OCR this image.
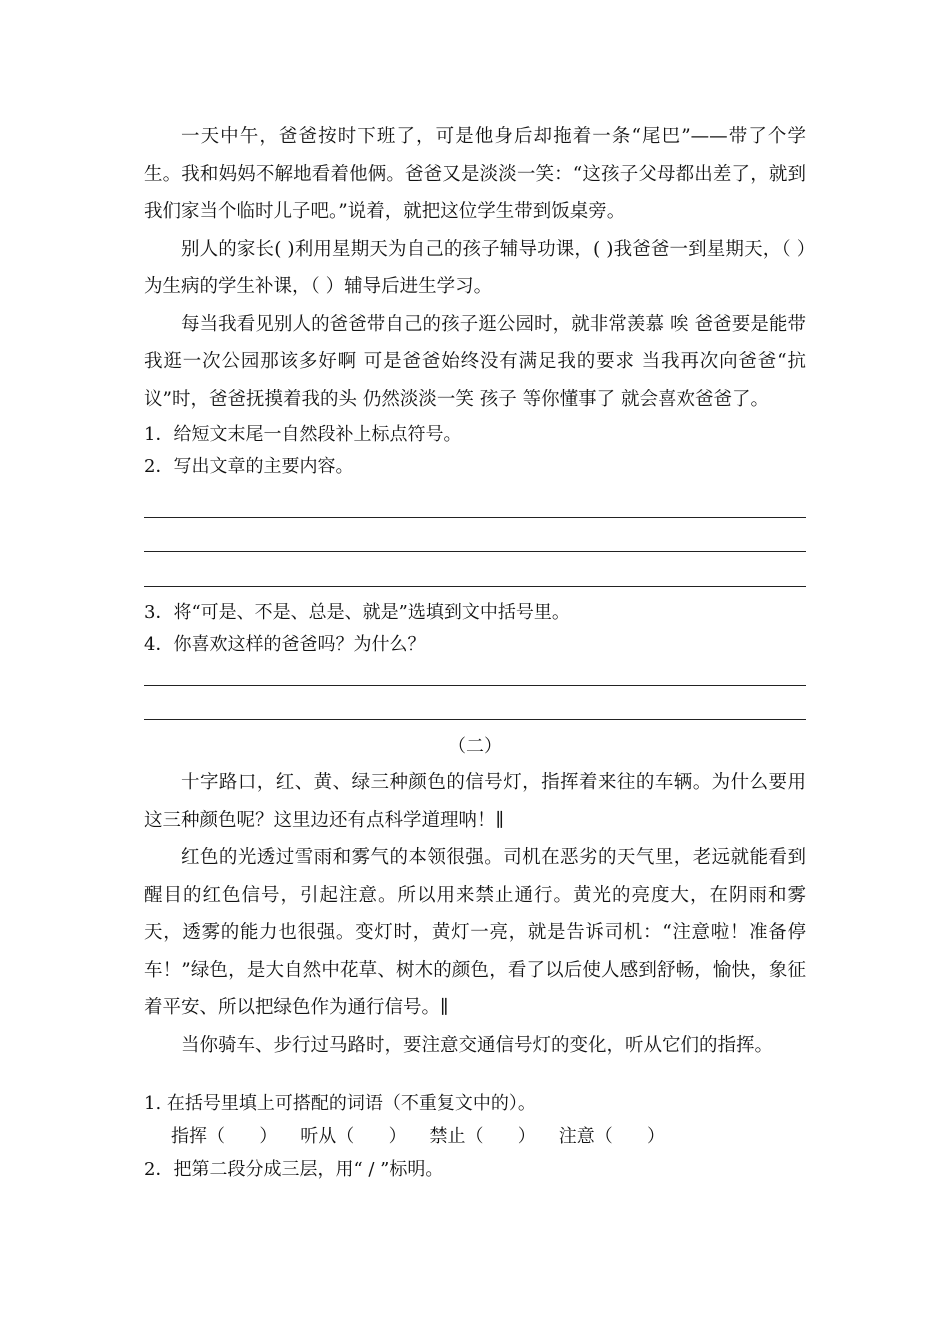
一天中午，爸爸按时下班了，可是他身后却拖着一条“尾巴”——带了个学生。我和妈妈不解地看着他俩。爸爸又是淡淡一笑：“这孩子父母都出差了，就到我们家当个临时儿子吧。”说着，就把这位学生带到饭桌旁。

别人的家长( )利用星期天为自己的孩子辅导功课，( )我爸爸一到星期天，（ ）为生病的学生补课，（ ）辅导后进生学习。

每当我看见别人的爸爸带自己的孩子逛公园时，就非常羡慕 唉 爸爸要是能带我逛一次公园那该多好啊 可是爸爸始终没有满足我的要求 当我再次向爸爸“抗议”时，爸爸抚摸着我的头 仍然淡淡一笑 孩子 等你懂事了 就会喜欢爸爸了。

1．给短文末尾一自然段补上标点符号。

2．写出文章的主要内容。

3．将“可是、不是、总是、就是”选填到文中括号里。

4．你喜欢这样的爸爸吗？为什么？

（二）

十字路口，红、黄、绿三种颜色的信号灯，指挥着来往的车辆。为什么要用这三种颜色呢？这里边还有点科学道理呐！∥

红色的光透过雪雨和雾气的本领很强。司机在恶劣的天气里，老远就能看到醒目的红色信号，引起注意。所以用来禁止通行。黄光的亮度大，在阴雨和雾天，透雾的能力也很强。变灯时，黄灯一亮，就是告诉司机：“注意啦！准备停车！”绿色，是大自然中花草、树木的颜色，看了以后使人感到舒畅，愉快，象征着平安、所以把绿色作为通行信号。∥

当你骑车、步行过马路时，要注意交通信号灯的变化，听从它们的指挥。

1. 在括号里填上可搭配的词语（不重复文中的）。

指挥（      ） 听从（      ） 禁止（      ） 注意（      ）

2．把第二段分成三层，用“ / ”标明。
